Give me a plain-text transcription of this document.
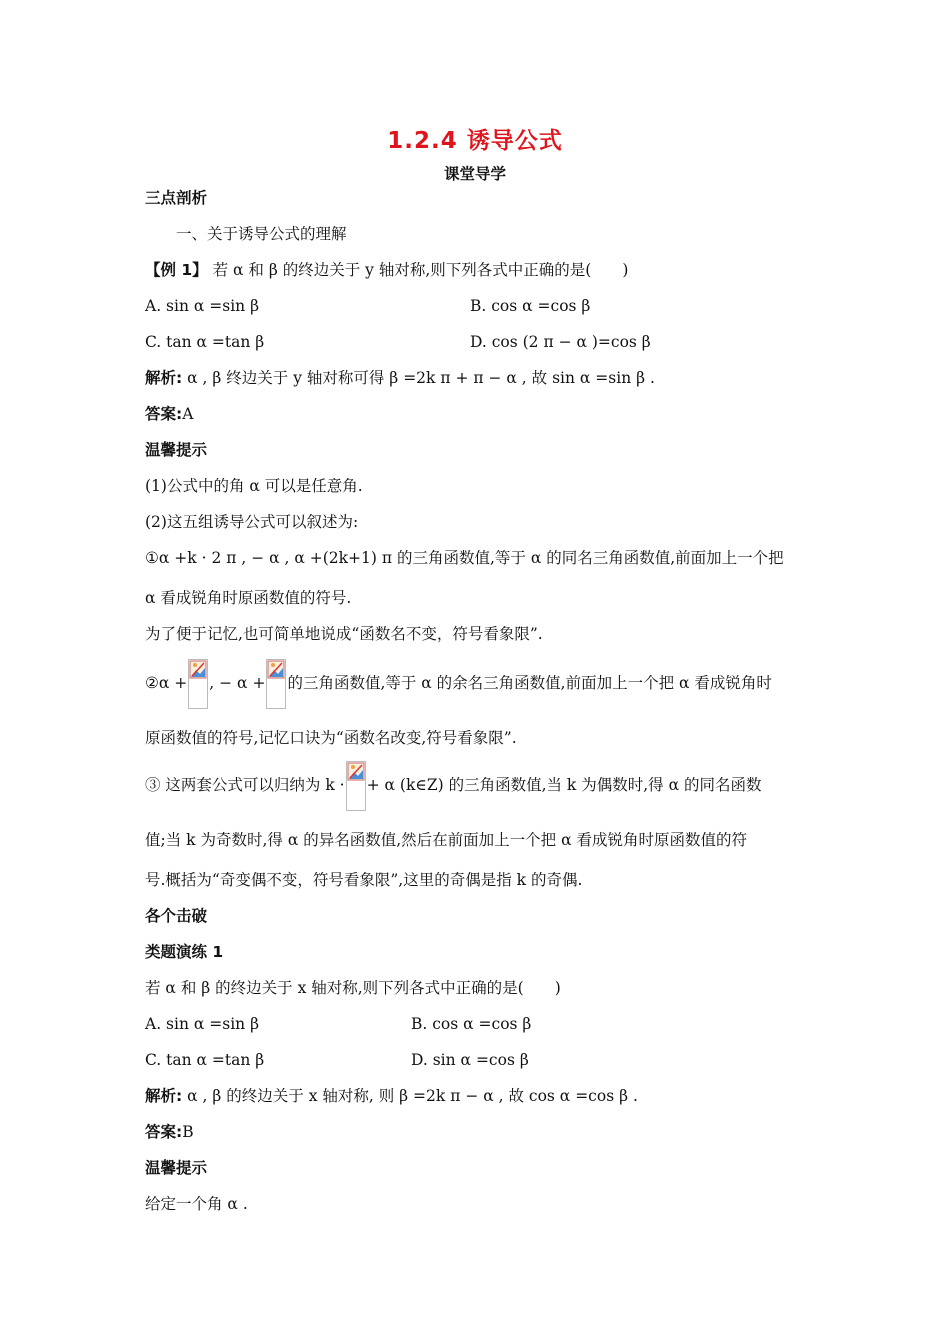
1.2.4 诱导公式
课堂导学
三点剖析
一、关于诱导公式的理解
【例 1】 若 α 和 β 的终边关于 y 轴对称,则下列各式中正确的是(　　)
A. sin α =sin β	B. cos α =cos β
C. tan α =tan β	D. cos (2 π − α )=cos β
解析: α , β 终边关于 y 轴对称可得 β =2k π + π − α , 故 sin α =sin β .
答案:A
温馨提示
(1)公式中的角 α 可以是任意角.
(2)这五组诱导公式可以叙述为:
①α +k · 2 π , − α , α +(2k+1) π 的三角函数值,等于 α 的同名三角函数值,前面加上一个把
α 看成锐角时原函数值的符号.
为了便于记忆,也可简单地说成“函数名不变，符号看象限”.
②α + , − α + 的三角函数值,等于 α 的余名三角函数值,前面加上一个把 α 看成锐角时
原函数值的符号,记忆口诀为“函数名改变,符号看象限”.
③ 这两套公式可以归纳为 k · + α (k∈Z) 的三角函数值,当 k 为偶数时,得 α 的同名函数
值;当 k 为奇数时,得 α 的异名函数值,然后在前面加上一个把 α 看成锐角时原函数值的符
号.概括为“奇变偶不变，符号看象限”,这里的奇偶是指 k 的奇偶.
各个击破
类题演练 1
若 α 和 β 的终边关于 x 轴对称,则下列各式中正确的是(　　)
A. sin α =sin β	B. cos α =cos β
C. tan α =tan β	D. sin α =cos β
解析: α , β 的终边关于 x 轴对称, 则 β =2k π − α , 故 cos α =cos β .
答案:B
温馨提示
给定一个角 α .
